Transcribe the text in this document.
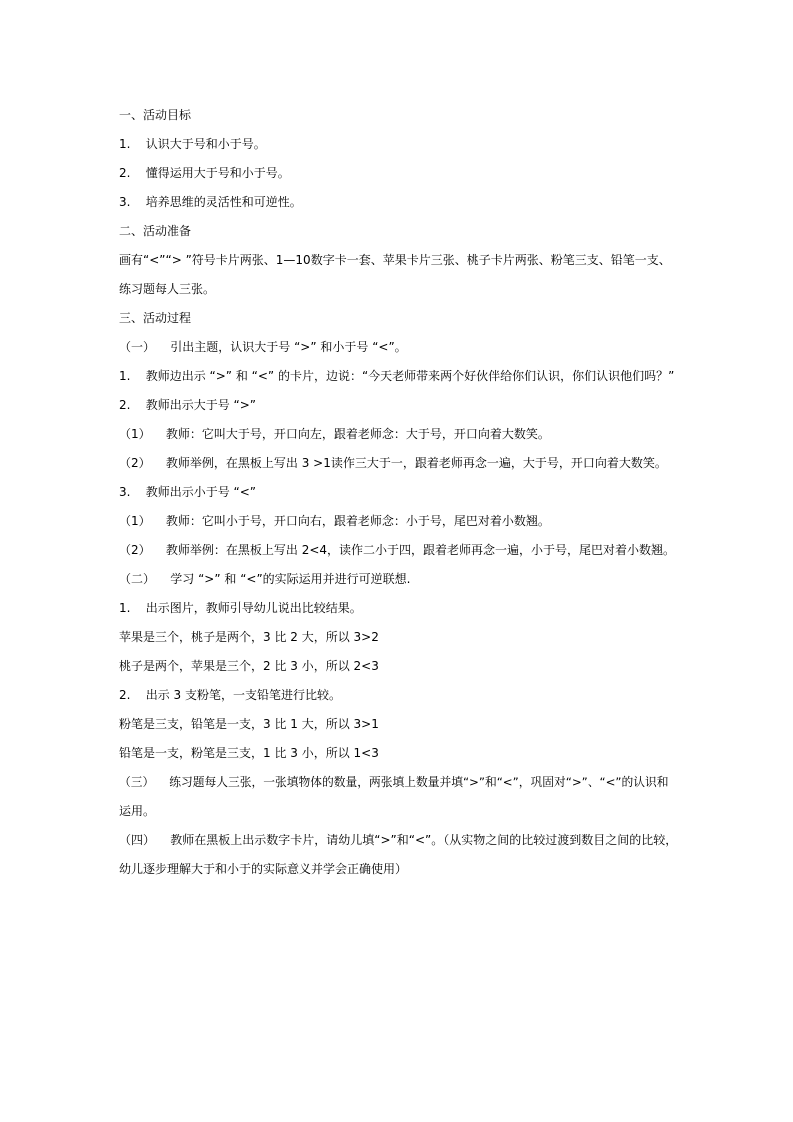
一、活动目标
1.    认识大于号和小于号。
2.    懂得运用大于号和小于号。
3.    培养思维的灵活性和可逆性。
二、活动准备
画有“<”“> ”符号卡片两张、1—10数字卡一套、苹果卡片三张、桃子卡片两张、粉笔三支、铅笔一支、
练习题每人三张。
三、活动过程
（一）    引出主题，认识大于号 “>” 和小于号 “<”。
1.    教师边出示 “>” 和 “<” 的卡片，边说：“今天老师带来两个好伙伴给你们认识，你们认识他们吗？”
2.    教师出示大于号 “>”
（1）    教师：它叫大于号，开口向左，跟着老师念：大于号，开口向着大数笑。
（2）    教师举例，在黑板上写出 3 >1读作三大于一，跟着老师再念一遍，大于号，开口向着大数笑。
3.    教师出示小于号 “<”
（1）    教师：它叫小于号，开口向右，跟着老师念：小于号，尾巴对着小数翘。
（2）    教师举例：在黑板上写出 2<4，读作二小于四，跟着老师再念一遍，小于号，尾巴对着小数翘。
（二）    学习 “>” 和 “<”的实际运用并进行可逆联想.
1.    出示图片，教师引导幼儿说出比较结果。
苹果是三个，桃子是两个，3 比 2 大，所以 3>2
桃子是两个，苹果是三个，2 比 3 小，所以 2<3
2.    出示 3 支粉笔，一支铅笔进行比较。
粉笔是三支，铅笔是一支，3 比 1 大，所以 3>1
铅笔是一支，粉笔是三支，1 比 3 小，所以 1<3
（三）    练习题每人三张，一张填物体的数量，两张填上数量并填“>”和“<”，巩固对“>”、“<”的认识和
运用。
（四）    教师在黑板上出示数字卡片，请幼儿填“>”和“<”。（从实物之间的比较过渡到数目之间的比较，
幼儿逐步理解大于和小于的实际意义并学会正确使用）
